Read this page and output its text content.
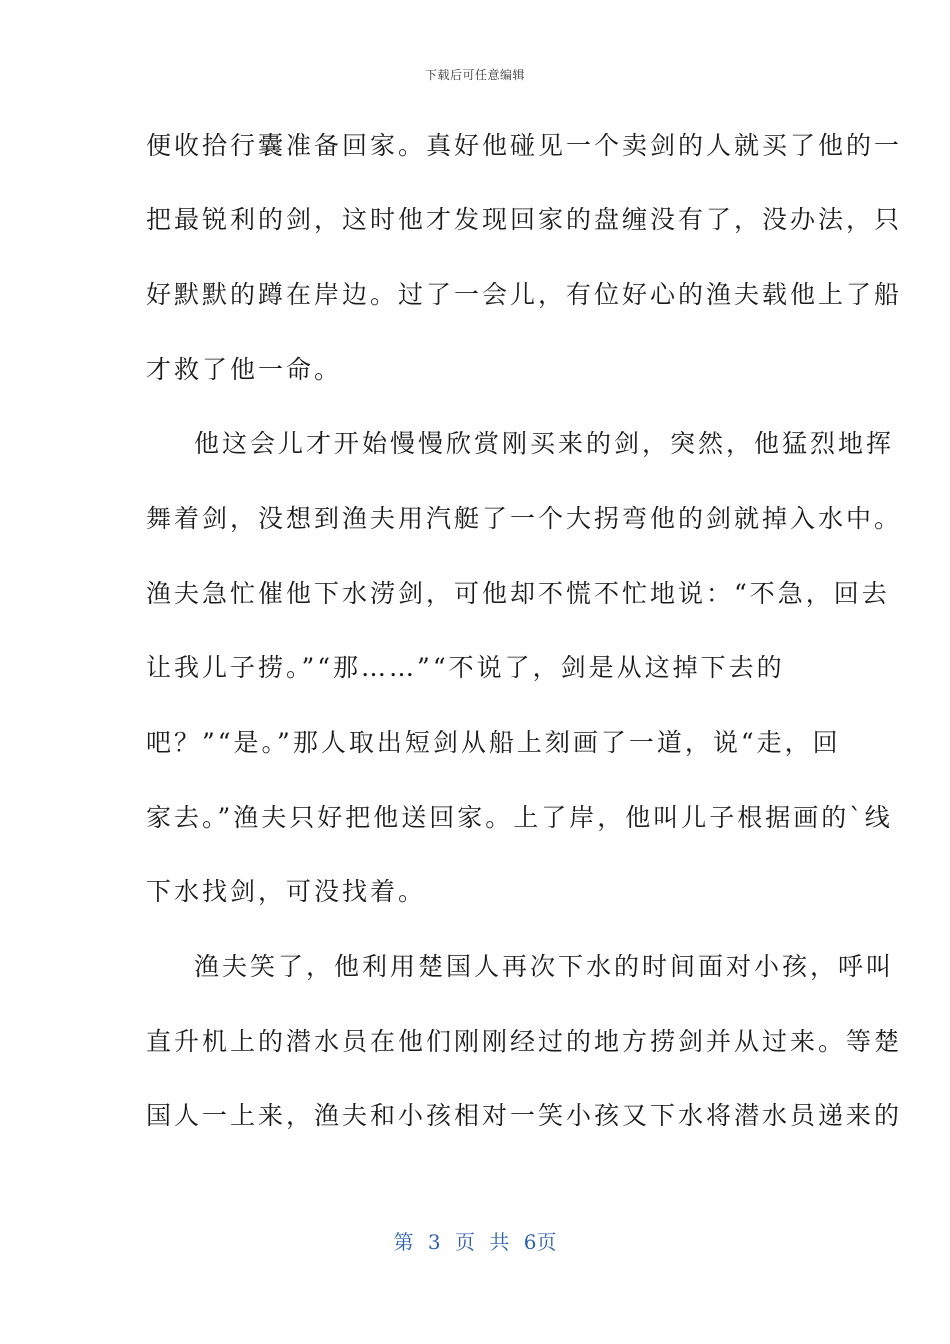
下载后可任意编辑
便收拾行囊准备回家。真好他碰见一个卖剑的人就买了他的一
把最锐利的剑，这时他才发现回家的盘缠没有了，没办法，只
好默默的蹲在岸边。过了一会儿，有位好心的渔夫载他上了船
才救了他一命。
他这会儿才开始慢慢欣赏刚买来的剑，突然，他猛烈地挥
舞着剑，没想到渔夫用汽艇了一个大拐弯他的剑就掉入水中。
渔夫急忙催他下水涝剑，可他却不慌不忙地说：“不急，回去
让我儿子捞。”“那……”“不说了，剑是从这掉下去的
吧？”“是。”那人取出短剑从船上刻画了一道，说“走，回
家去。”渔夫只好把他送回家。上了岸，他叫儿子根据画的`线
下水找剑，可没找着。
渔夫笑了，他利用楚国人再次下水的时间面对小孩，呼叫
直升机上的潜水员在他们刚刚经过的地方捞剑并从过来。等楚
国人一上来，渔夫和小孩相对一笑小孩又下水将潜水员递来的
第 3 页 共 6页
